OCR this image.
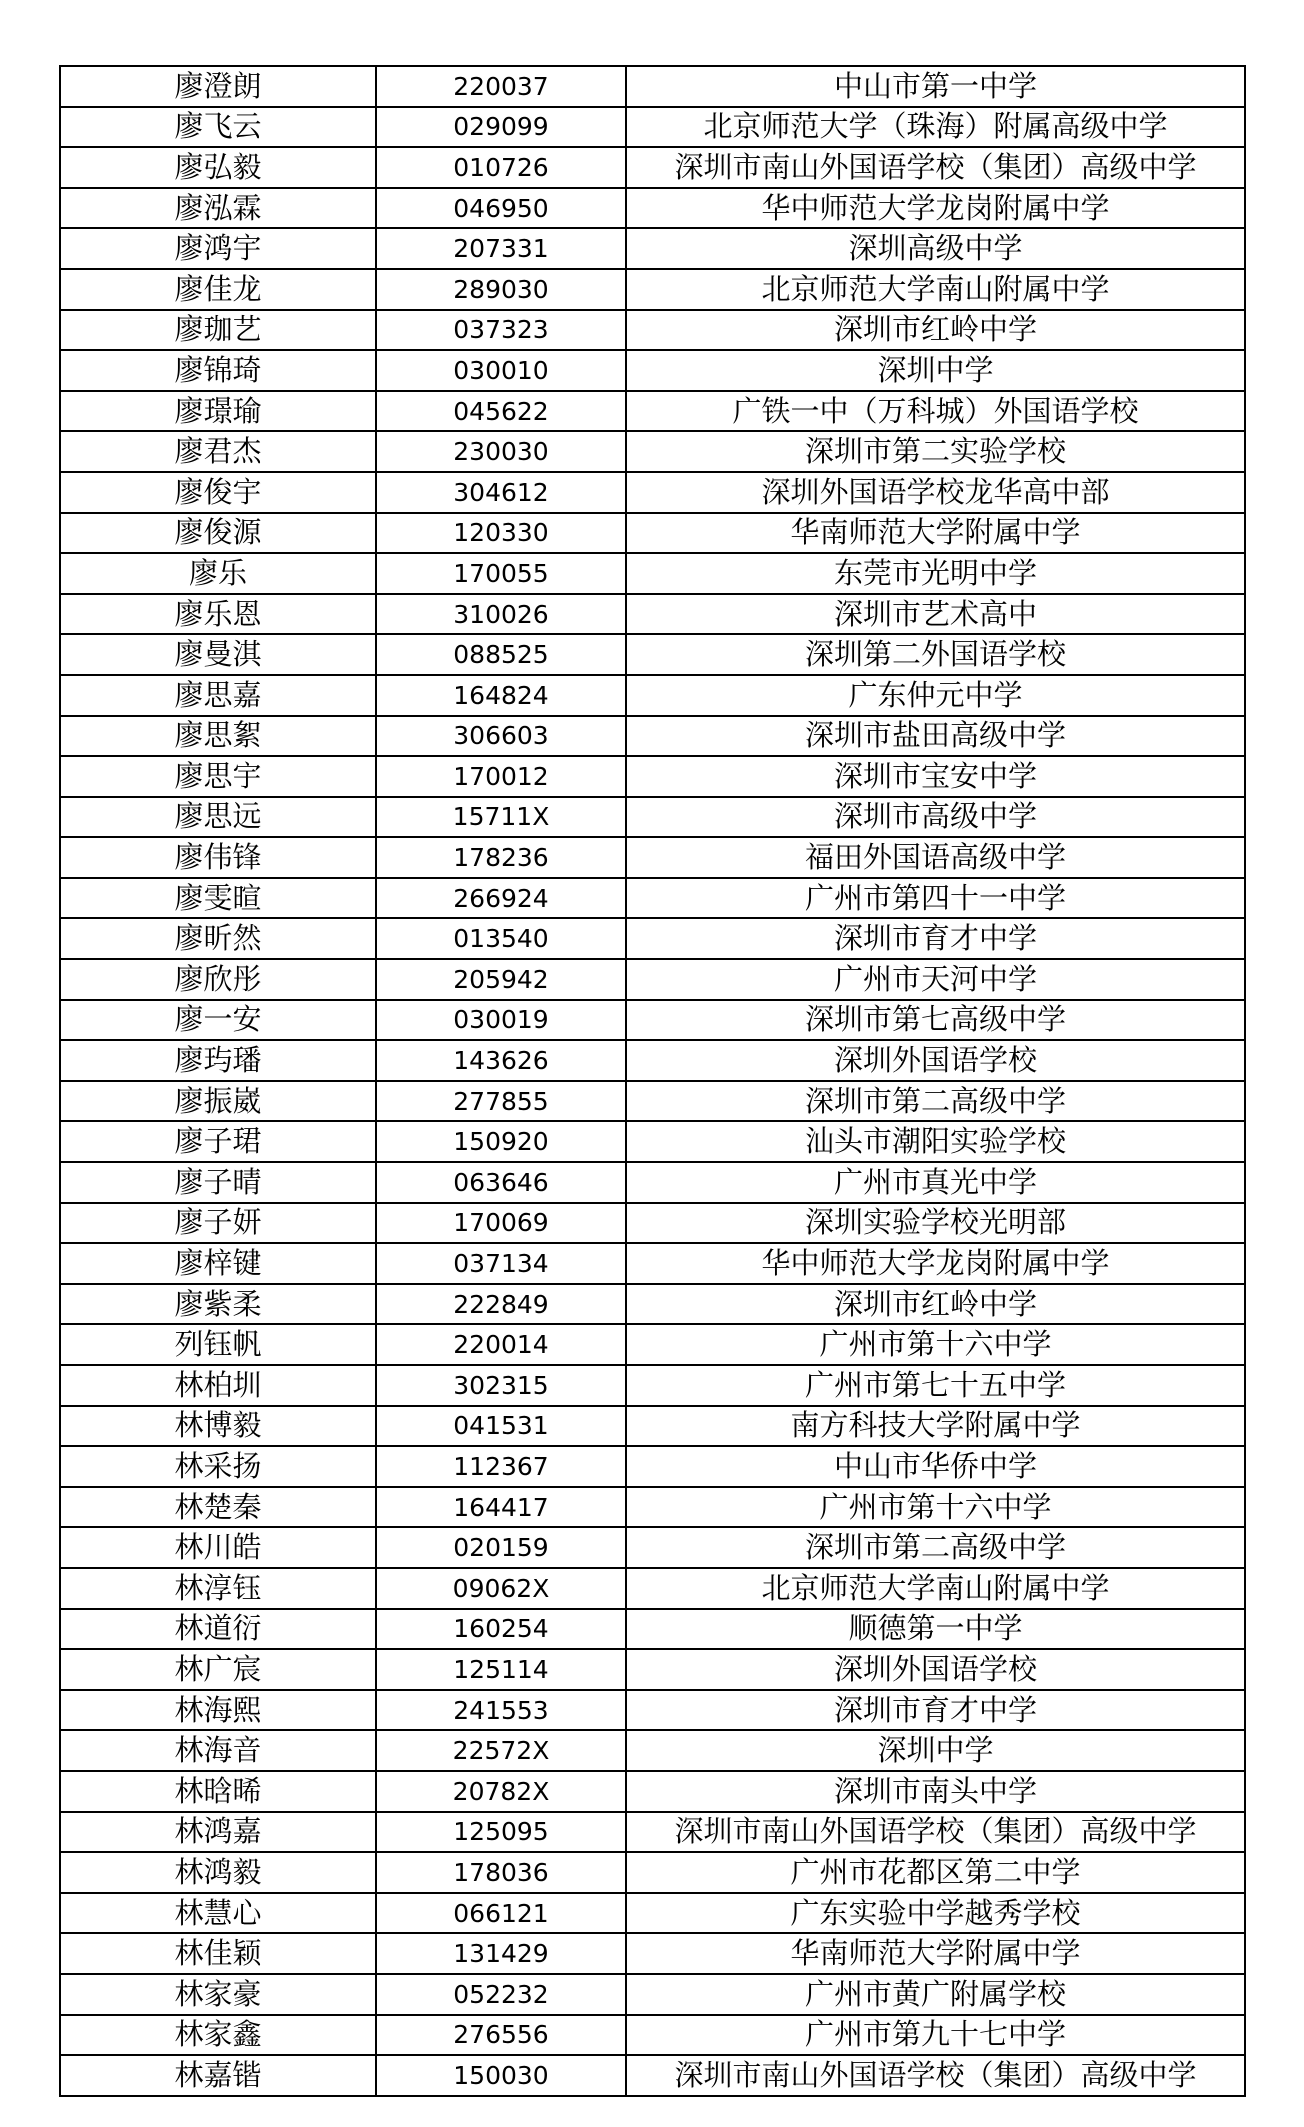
廖澄朗	220037	中山市第一中学
廖飞云	029099	北京师范大学（珠海）附属高级中学
廖弘毅	010726	深圳市南山外国语学校（集团）高级中学
廖泓霖	046950	华中师范大学龙岗附属中学
廖鸿宇	207331	深圳高级中学
廖佳龙	289030	北京师范大学南山附属中学
廖珈艺	037323	深圳市红岭中学
廖锦琦	030010	深圳中学
廖璟瑜	045622	广铁一中（万科城）外国语学校
廖君杰	230030	深圳市第二实验学校
廖俊宇	304612	深圳外国语学校龙华高中部
廖俊源	120330	华南师范大学附属中学
廖乐	170055	东莞市光明中学
廖乐恩	310026	深圳市艺术高中
廖曼淇	088525	深圳第二外国语学校
廖思嘉	164824	广东仲元中学
廖思絮	306603	深圳市盐田高级中学
廖思宇	170012	深圳市宝安中学
廖思远	15711X	深圳市高级中学
廖伟锋	178236	福田外国语高级中学
廖雯暄	266924	广州市第四十一中学
廖昕然	013540	深圳市育才中学
廖欣彤	205942	广州市天河中学
廖一安	030019	深圳市第七高级中学
廖玙璠	143626	深圳外国语学校
廖振崴	277855	深圳市第二高级中学
廖子珺	150920	汕头市潮阳实验学校
廖子晴	063646	广州市真光中学
廖子妍	170069	深圳实验学校光明部
廖梓键	037134	华中师范大学龙岗附属中学
廖紫柔	222849	深圳市红岭中学
列钰帆	220014	广州市第十六中学
林柏圳	302315	广州市第七十五中学
林博毅	041531	南方科技大学附属中学
林采扬	112367	中山市华侨中学
林楚秦	164417	广州市第十六中学
林川皓	020159	深圳市第二高级中学
林淳钰	09062X	北京师范大学南山附属中学
林道衍	160254	顺德第一中学
林广宸	125114	深圳外国语学校
林海熙	241553	深圳市育才中学
林海音	22572X	深圳中学
林晗晞	20782X	深圳市南头中学
林鸿嘉	125095	深圳市南山外国语学校（集团）高级中学
林鸿毅	178036	广州市花都区第二中学
林慧心	066121	广东实验中学越秀学校
林佳颖	131429	华南师范大学附属中学
林家豪	052232	广州市黄广附属学校
林家鑫	276556	广州市第九十七中学
林嘉锴	150030	深圳市南山外国语学校（集团）高级中学
